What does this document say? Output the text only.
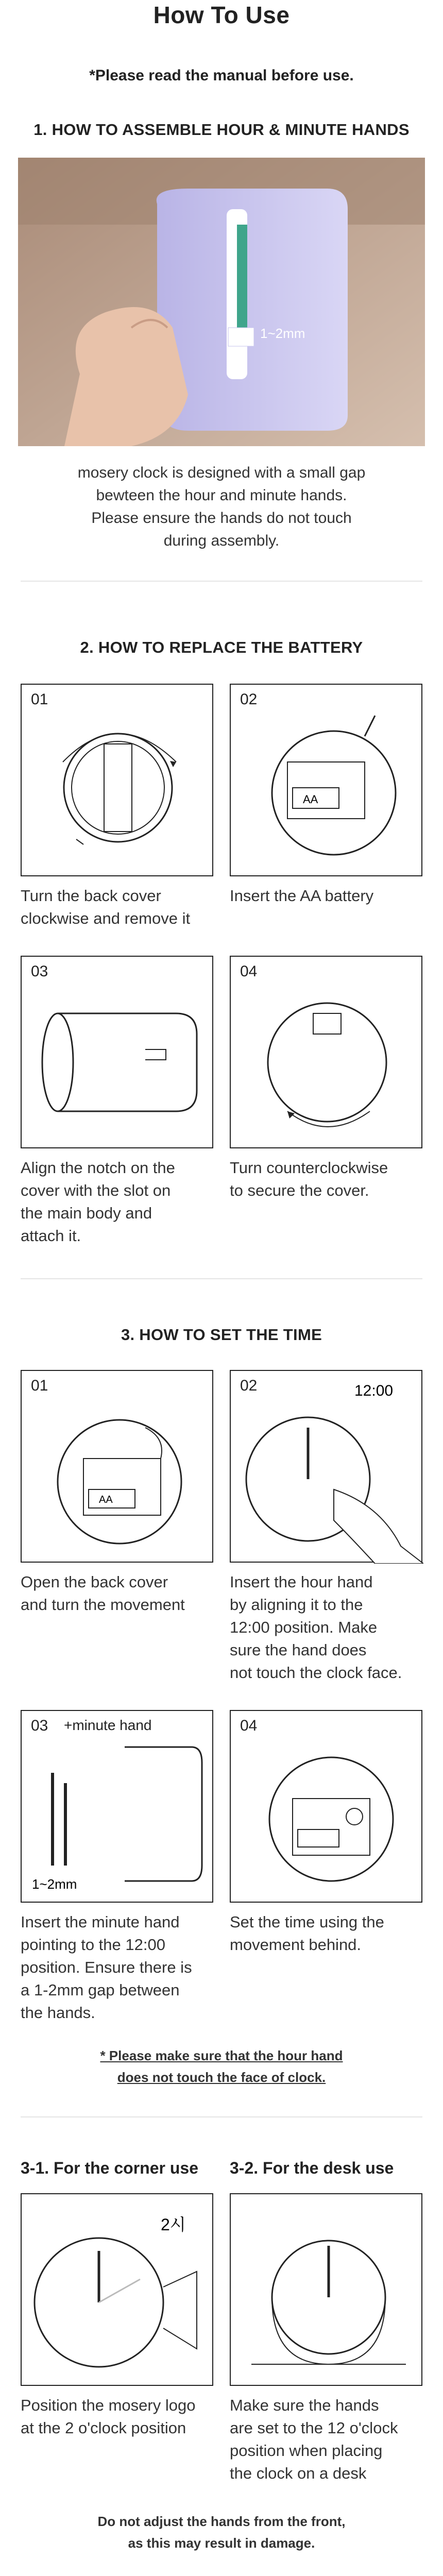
How To Use
*Please read the manual before use.
1. HOW TO ASSEMBLE HOUR & MINUTE HANDS
1~2mm
mosery clock is designed with a small gap
bewteen the hour and minute hands.
Please ensure the hands do not touch
during assembly.
2. HOW TO REPLACE THE BATTERY
01
Turn the back cover
clockwise and remove it
02
AA
Insert the AA battery
03
Align the notch on the
cover with the slot on
the main body and
attach it.
04
Turn counterclockwise
to secure the cover.
3. HOW TO SET THE TIME
01
AA
Open the back cover
and turn the movement
02	12:00
Insert the hour hand
by aligning it to the
12:00 position. Make
sure the hand does
not touch the clock face.
03 +minute hand
1~2mm
Insert the minute hand
pointing to the 12:00
position. Ensure there is
a 1-2mm gap between
the hands.
04
Set the time using the
movement behind.
* Please make sure that the hour hand
does not touch the face of clock.
3-1. For the corner use	3-2. For the desk use
2시
Position the mosery logo
at the 2 o'clock position
Make sure the hands
are set to the 12 o'clock
position when placing
the clock on a desk
Do not adjust the hands from the front,
as this may result in damage.
